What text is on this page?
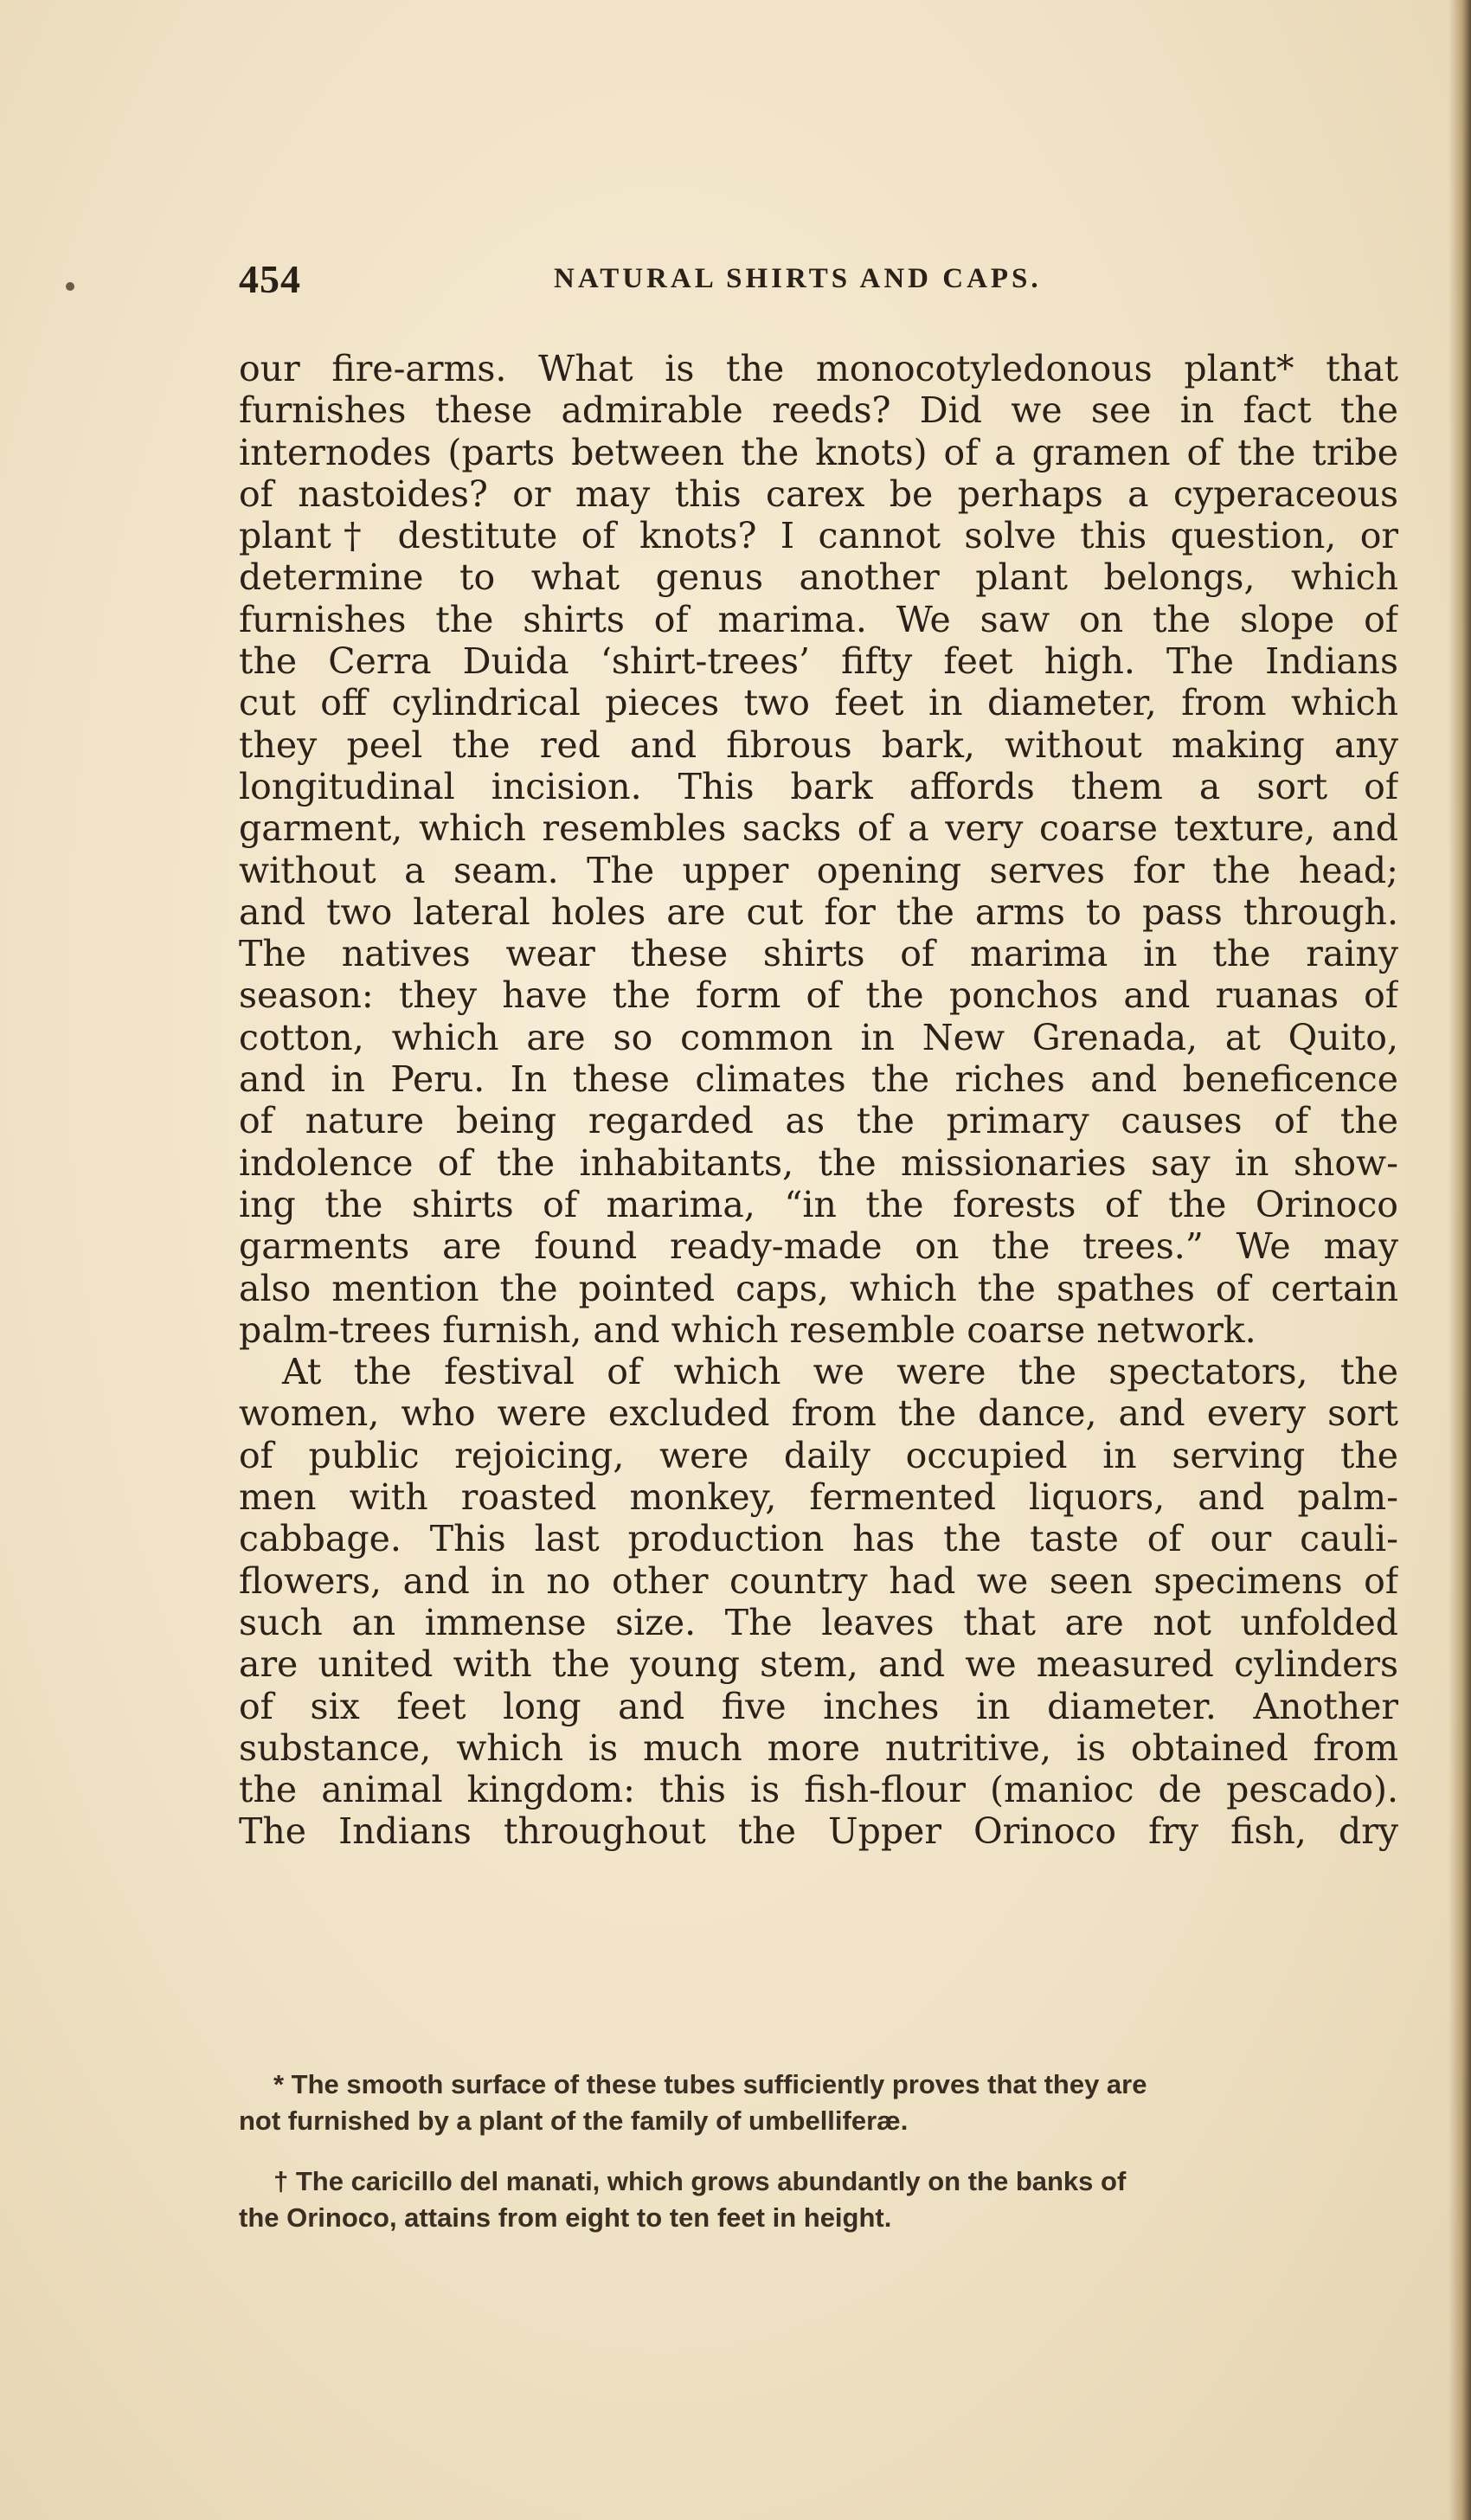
454	NATURAL SHIRTS AND CAPS.
our fire-arms. What is the monocotyledonous plant* that
furnishes these admirable reeds? Did we see in fact the
internodes (parts between the knots) of a gramen of the tribe
of nastoides? or may this carex be perhaps a cyperaceous
plant† destitute of knots? I cannot solve this question, or
determine to what genus another plant belongs, which
furnishes the shirts of marima. We saw on the slope of
the Cerra Duida ‘shirt-trees’ fifty feet high. The Indians
cut off cylindrical pieces two feet in diameter, from which
they peel the red and fibrous bark, without making any
longitudinal incision. This bark affords them a sort of
garment, which resembles sacks of a very coarse texture, and
without a seam. The upper opening serves for the head;
and two lateral holes are cut for the arms to pass through.
The natives wear these shirts of marima in the rainy
season: they have the form of the ponchos and ruanas of
cotton, which are so common in New Grenada, at Quito,
and in Peru. In these climates the riches and beneficence
of nature being regarded as the primary causes of the
indolence of the inhabitants, the missionaries say in show-
ing the shirts of marima, “in the forests of the Orinoco
garments are found ready-made on the trees.” We may
also mention the pointed caps, which the spathes of certain
palm-trees furnish, and which resemble coarse network.
At the festival of which we were the spectators, the
women, who were excluded from the dance, and every sort
of public rejoicing, were daily occupied in serving the
men with roasted monkey, fermented liquors, and palm-
cabbage. This last production has the taste of our cauli-
flowers, and in no other country had we seen specimens of
such an immense size. The leaves that are not unfolded
are united with the young stem, and we measured cylinders
of six feet long and five inches in diameter. Another
substance, which is much more nutritive, is obtained from
the animal kingdom: this is fish-flour (manioc de pescado).
The Indians throughout the Upper Orinoco fry fish, dry
* The smooth surface of these tubes sufficiently proves that they are
not furnished by a plant of the family of umbelliferæ.
† The caricillo del manati, which grows abundantly on the banks of
the Orinoco, attains from eight to ten feet in height.
